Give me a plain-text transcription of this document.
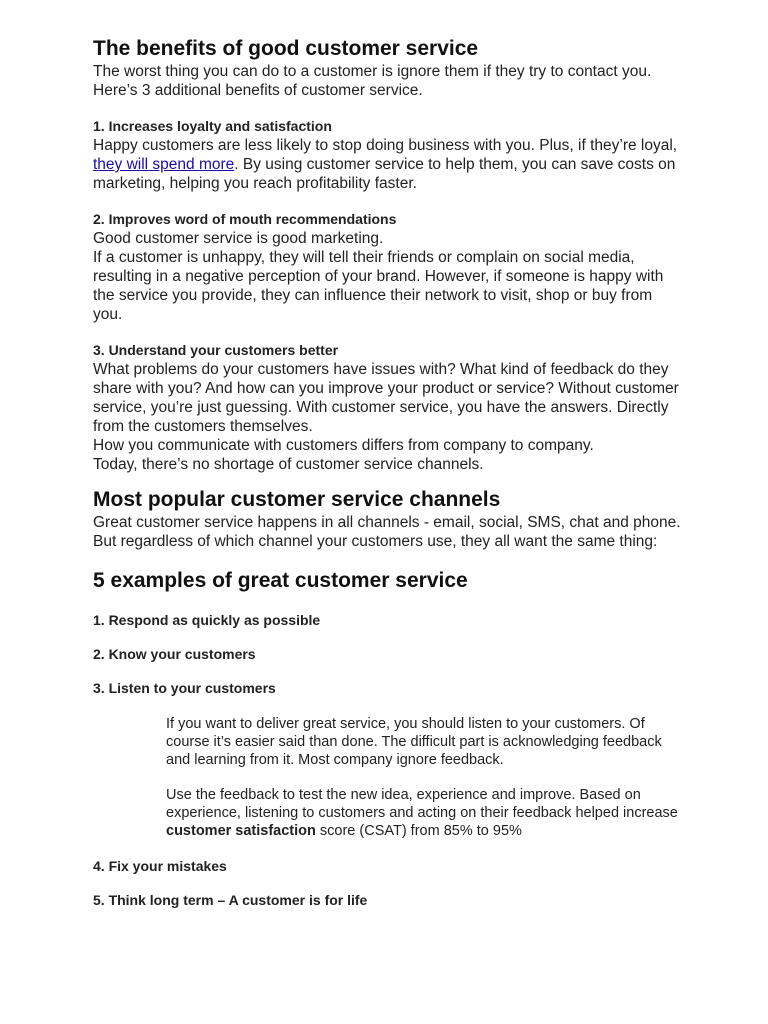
The benefits of good customer service

The worst thing you can do to a customer is ignore them if they try to contact you. Here’s 3 additional benefits of customer service.

1. Increases loyalty and satisfaction

Happy customers are less likely to stop doing business with you. Plus, if they’re loyal, they will spend more. By using customer service to help them, you can save costs on marketing, helping you reach profitability faster.

2. Improves word of mouth recommendations

Good customer service is good marketing.

If a customer is unhappy, they will tell their friends or complain on social media, resulting in a negative perception of your brand. However, if someone is happy with the service you provide, they can influence their network to visit, shop or buy from you.

3. Understand your customers better

What problems do your customers have issues with? What kind of feedback do they share with you? And how can you improve your product or service? Without customer service, you’re just guessing. With customer service, you have the answers. Directly from the customers themselves.

How you communicate with customers differs from company to company.

Today, there’s no shortage of customer service channels.

Most popular customer service channels

Great customer service happens in all channels - email, social, SMS, chat and phone.

But regardless of which channel your customers use, they all want the same thing:

5 examples of great customer service
1. Respond as quickly as possible
2. Know your customers
3. Listen to your customers

If you want to deliver great service, you should listen to your customers. Of course it’s easier said than done. The difficult part is acknowledging feedback and learning from it. Most company ignore feedback.

Use the feedback to test the new idea, experience and improve. Based on experience, listening to customers and acting on their feedback helped increase customer satisfaction score (CSAT) from 85% to 95%

4. Fix your mistakes
5. Think long term – A customer is for life
